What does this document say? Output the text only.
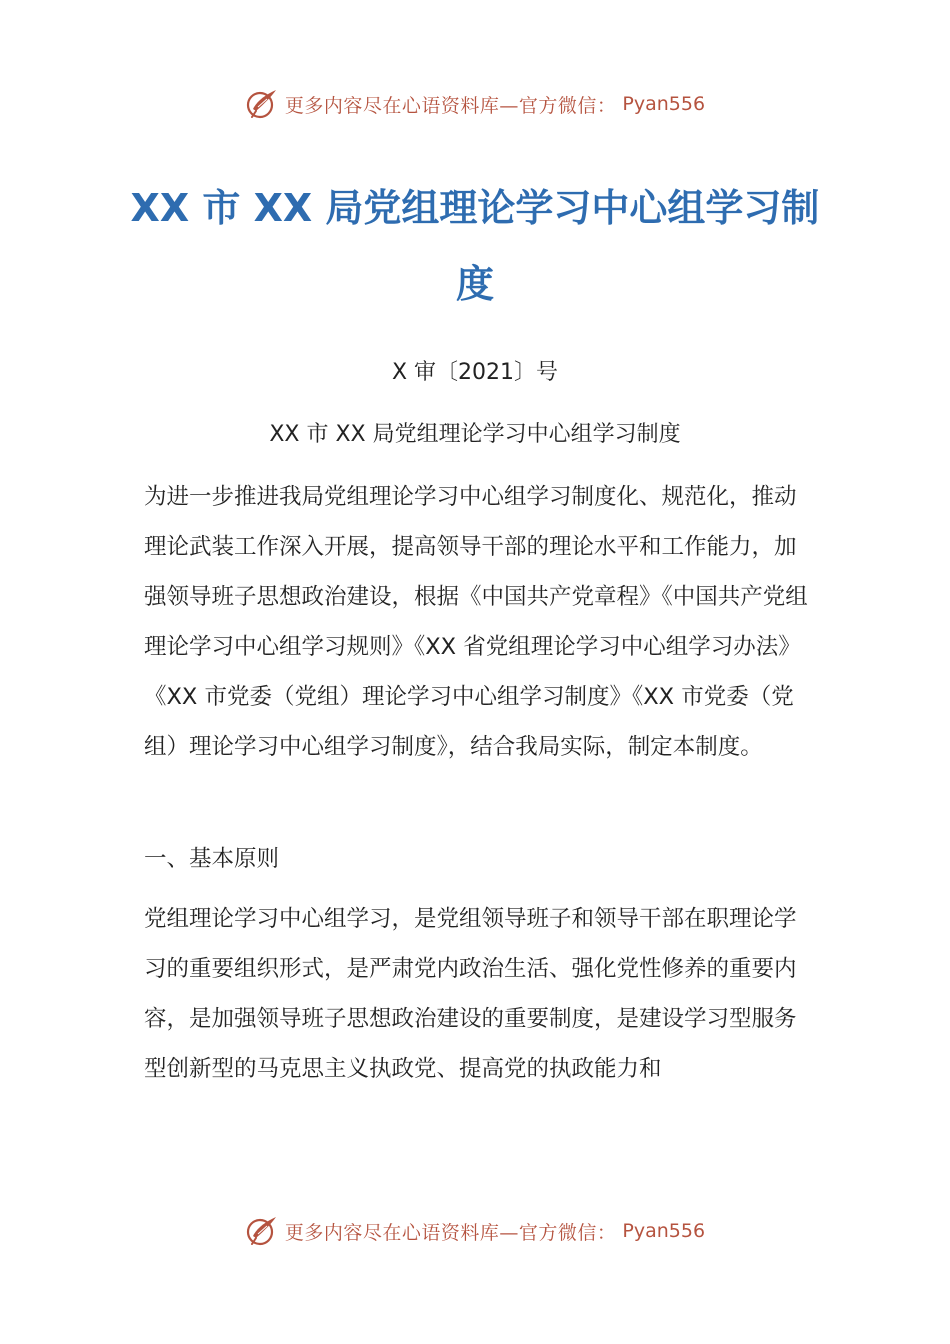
更多内容尽在心语资料库—官方微信： Pyan556
XX 市 XX 局党组理论学习中心组学习制度
X 审〔2021〕号
XX 市 XX 局党组理论学习中心组学习制度

为进一步推进我局党组理论学习中心组学习制度化、规范化，推动理论武装工作深入开展，提高领导干部的理论水平和工作能力，加强领导班子思想政治建设，根据《中国共产党章程》《中国共产党组理论学习中心组学习规则》《XX 省党组理论学习中心组学习办法》《XX 市党委（党组）理论学习中心组学习制度》《XX 市党委（党组）理论学习中心组学习制度》，结合我局实际，制定本制度。

一、基本原则

党组理论学习中心组学习，是党组领导班子和领导干部在职理论学习的重要组织形式，是严肃党内政治生活、强化党性修养的重要内容，是加强领导班子思想政治建设的重要制度，是建设学习型服务型创新型的马克思主义执政党、提高党的执政能力和

更多内容尽在心语资料库—官方微信： Pyan556
